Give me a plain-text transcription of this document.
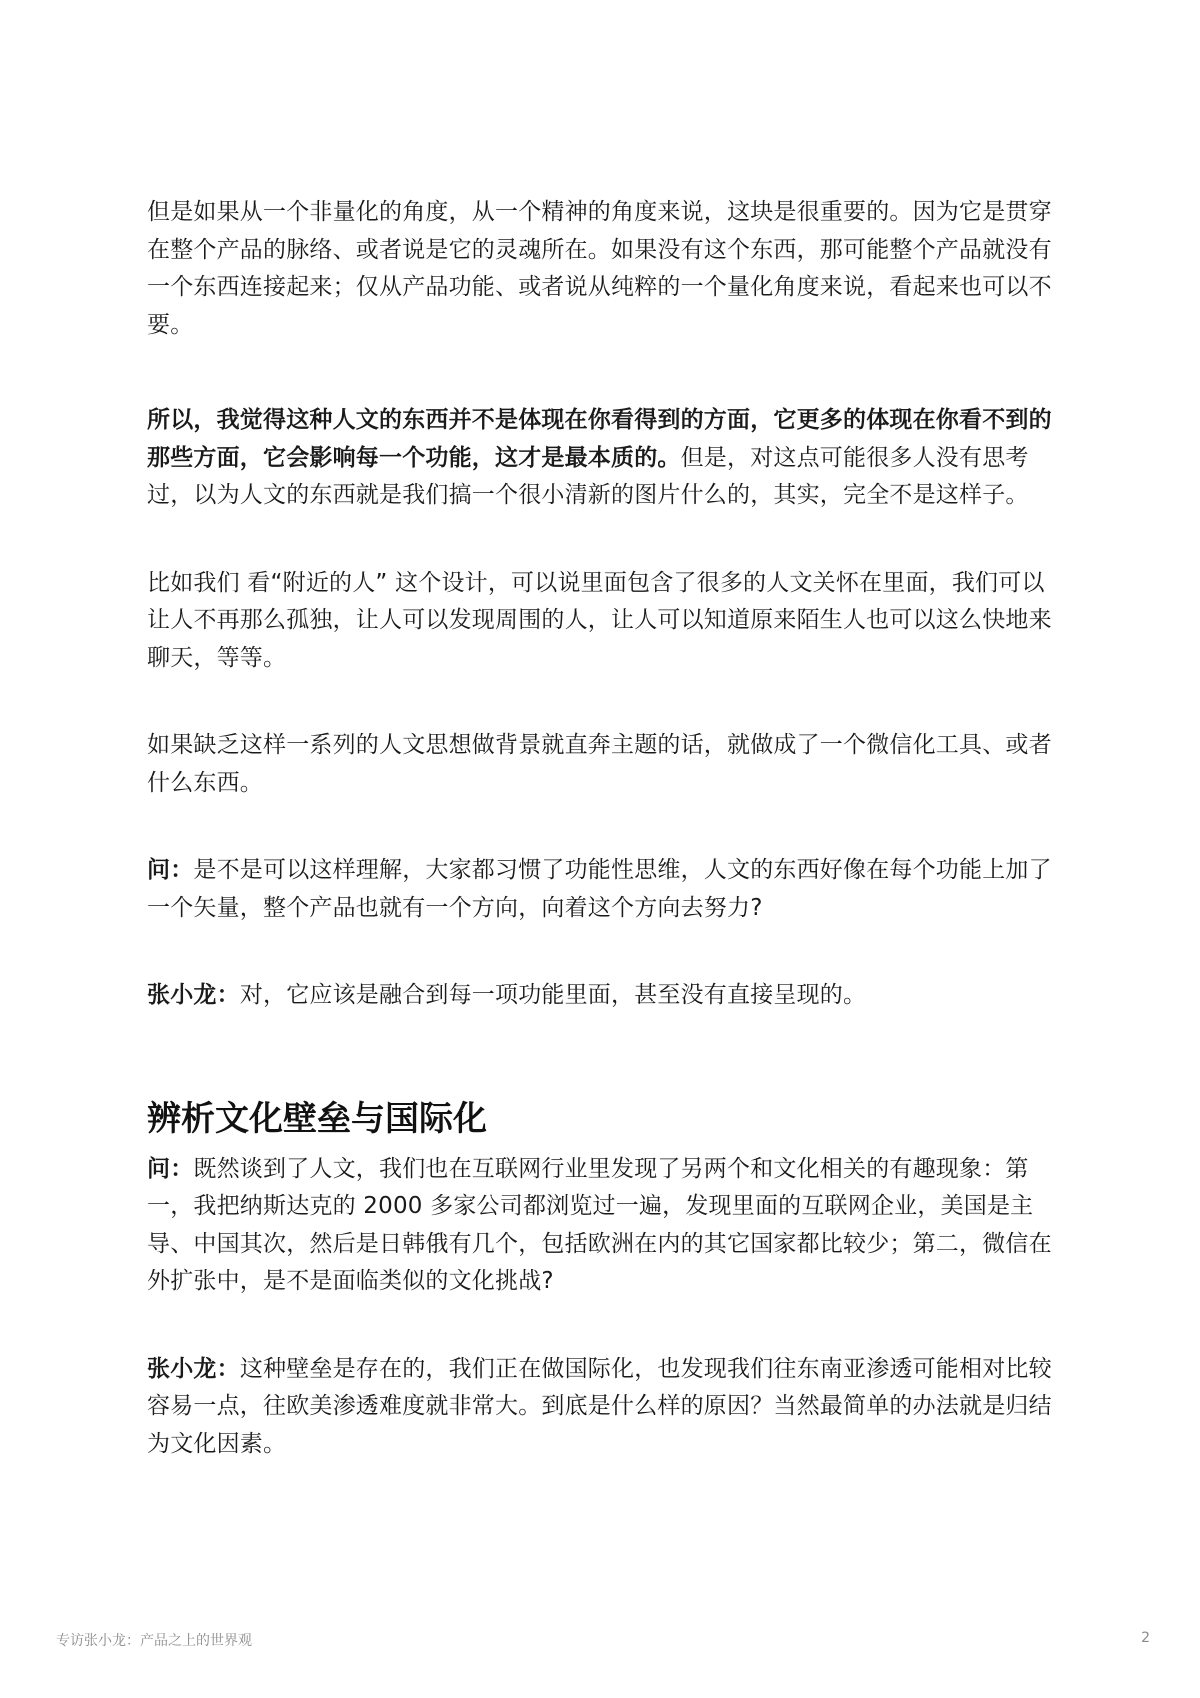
但是如果从一个非量化的角度，从一个精神的角度来说，这块是很重要的。因为它是贯穿在整个产品的脉络、或者说是它的灵魂所在。如果没有这个东西，那可能整个产品就没有一个东西连接起来；仅从产品功能、或者说从纯粹的一个量化角度来说，看起来也可以不要。

所以，我觉得这种人文的东西并不是体现在你看得到的方面，它更多的体现在你看不到的那些方面，它会影响每一个功能，这才是最本质的。但是，对这点可能很多人没有思考过，以为人文的东西就是我们搞一个很小清新的图片什么的，其实，完全不是这样子。

比如我们 看“附近的人” 这个设计，可以说里面包含了很多的人文关怀在里面，我们可以让人不再那么孤独，让人可以发现周围的人，让人可以知道原来陌生人也可以这么快地来聊天，等等。

如果缺乏这样一系列的人文思想做背景就直奔主题的话，就做成了一个微信化工具、或者什么东西。

问：是不是可以这样理解，大家都习惯了功能性思维，人文的东西好像在每个功能上加了一个矢量，整个产品也就有一个方向，向着这个方向去努力?

张小龙：对，它应该是融合到每一项功能里面，甚至没有直接呈现的。

辨析文化壁垒与国际化

问：既然谈到了人文，我们也在互联网行业里发现了另两个和文化相关的有趣现象：第一，我把纳斯达克的 2000 多家公司都浏览过一遍，发现里面的互联网企业，美国是主导、中国其次，然后是日韩俄有几个，包括欧洲在内的其它国家都比较少；第二，微信在外扩张中，是不是面临类似的文化挑战?

张小龙：这种壁垒是存在的，我们正在做国际化，也发现我们往东南亚渗透可能相对比较容易一点，往欧美渗透难度就非常大。到底是什么样的原因？当然最简单的办法就是归结为文化因素。

专访张小龙：产品之上的世界观	2
